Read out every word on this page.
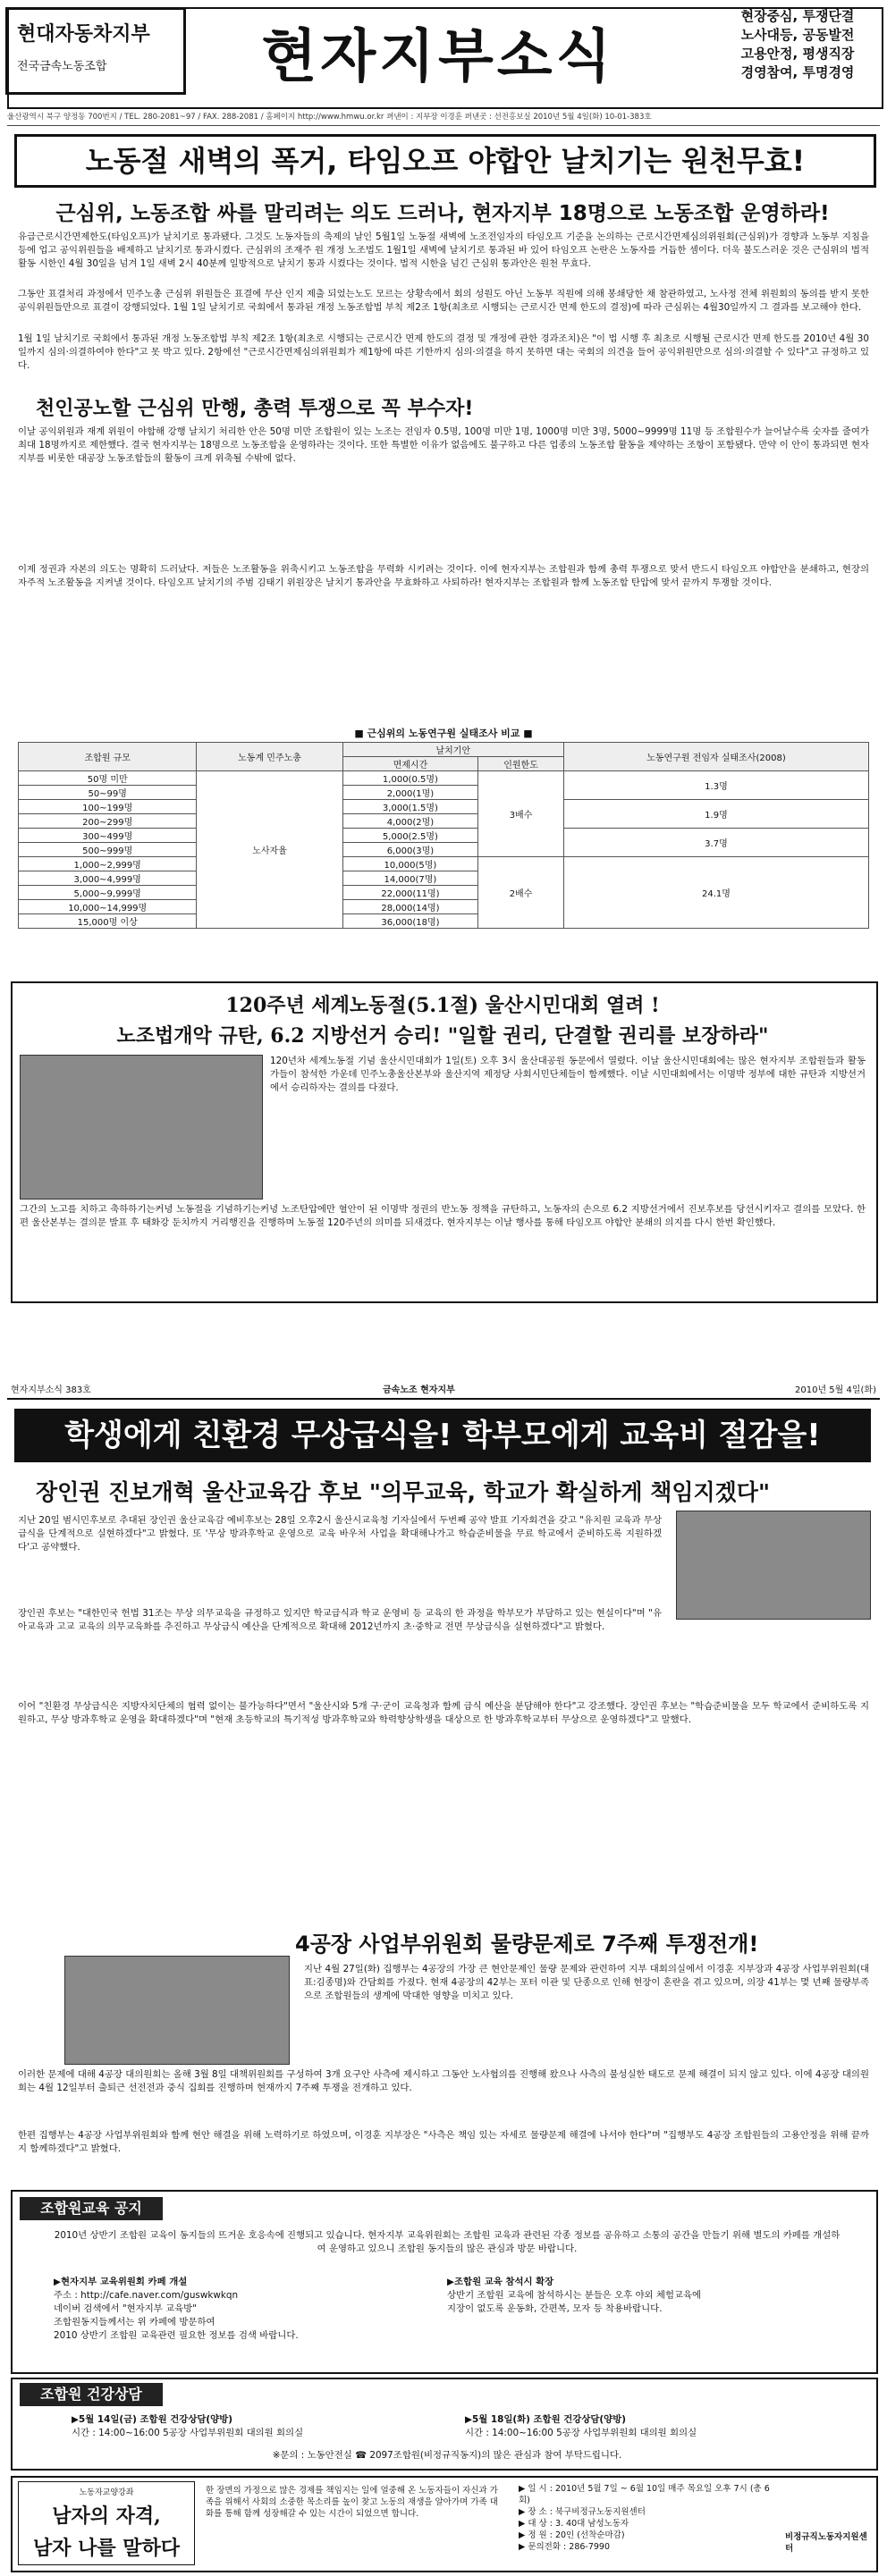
현대자동차지부
전국금속노동조합	현자지부소식
현장중심, 투쟁단결
노사대등, 공동발전
고용안정, 평생직장
경영참여, 투명경영
울산광역시 북구 양정동 700번지 / TEL. 280-2081~97 / FAX. 288-2081 / 홈페이지 http://www.hmwu.or.kr 펴낸이 : 지부장 이경훈 펴낸곳 : 선전홍보실 2010년 5월 4일(화) 10-01-383호
노동절 새벽의 폭거, 타임오프 야합안 날치기는 원천무효!
근심위, 노동조합 싸를 말리려는 의도 드러나, 현자지부 18명으로 노동조합 운영하라!
유급근로시간면제한도(타임오프)가 날치기로 통과됐다. 그것도 노동자들의 축제의 날인 5월1일 노동절 새벽에 노조전임자의 타임오프 기준을 논의하는 근로시간면제심의위원회(근심위)가 경향과 노동부 지침을 등에 업고 공익위원들을 배제하고 날치기로 통과시켰다. 근심위의 조재주 원 개정 노조법도 1월1일 새벽에 날치기로 통과된 바 있어 타임오프 논란은 노동자를 거듭한 셈이다. 더욱 불도스러운 것은 근심위의 법적 활동 시한인 4월 30일을 넘겨 1일 새벽 2시 40분께 일방적으로 날치기 통과 시켰다는 것이다. 법적 시한을 넘긴 근심위 통과안은 원천 무효다.
그동안 표결처리 과정에서 민주노총 근심위 위원들은 표결에 무산 인지 제출 되었는노도 모르는 상황속에서 회의 성원도 아닌 노동부 직원에 의해 봉쇄당한 채 참관하였고, 노사정 전체 위원회의 동의를 받지 못한 공익위원들만으로 표결이 강행되었다. 1월 1일 날치기로 국회에서 통과된 개정 노동조합법 부칙 제2조 1항(최초로 시행되는 근로시간 면제 한도의 결정)에 따라 근심위는 4월30일까지 그 결과를 보고해야 한다.
1월 1일 날치기로 국회에서 통과된 개정 노동조합법 부칙 제2조 1항(최초로 시행되는 근로시간 면제 한도의 결정 및 개정에 관한 경과조치)은 "이 법 시행 후 최초로 시행될 근로시간 면제 한도를 2010년 4월 30일까지 심의·의결하여야 한다"고 못 박고 있다. 2항에선 "근로시간면제심의위원회가 제1항에 따른 기한까지 심의·의결을 하지 못하면 대는 국회의 의견을 들어 공익위원만으로 심의·의결할 수 있다"고 규정하고 있다.
천인공노할 근심위 만행, 총력 투쟁으로 꼭 부수자!
이날 공익위원과 재계 위원이 야합해 강행 날치기 처리한 안은 50명 미만 조합원이 있는 노조는 전임자 0.5명, 100명 미만 1명, 1000명 미만 3명, 5000~9999명 11명 등 조합원수가 늘어날수록 숫자를 줄여가 최대 18명까지로 제한했다. 결국 현자지부는 18명으로 노동조합을 운영하라는 것이다. 또한 특별한 이유가 없음에도 불구하고 다른 업종의 노동조합 활동을 제약하는 조항이 포함됐다. 만약 이 안이 통과되면 현자지부를 비롯한 대공장 노동조합들의 활동이 크게 위축될 수밖에 없다.
이제 정권과 자본의 의도는 명확히 드러났다. 저들은 노조활동을 위축시키고 노동조합을 무력화 시키려는 것이다. 이에 현자지부는 조합원과 함께 총력 투쟁으로 맞서 반드시 타임오프 야합안을 분쇄하고, 현장의 자주적 노조활동을 지켜낼 것이다. 타임오프 날치기의 주범 김태기 위원장은 날치기 통과안을 무효화하고 사퇴하라! 현자지부는 조합원과 함께 노동조합 탄압에 맞서 끝까지 투쟁할 것이다.
■ 근심위의 노동연구원 실태조사 비교 ■
조합원 규모	노동계 민주노총	날치기안		노동연구원 전임자 실태조사(2008)
		면제시간	인원한도	
50명 미만	노사자율	1,000(0.5명)	3배수	1.3명
50~99명		2,000(1명)		
100~199명		3,000(1.5명)		1.9명
200~299명		4,000(2명)		
300~499명		5,000(2.5명)		3.7명
500~999명		6,000(3명)		
1,000~2,999명		10,000(5명)	2배수	24.1명
3,000~4,999명		14,000(7명)		
5,000~9,999명		22,000(11명)		
10,000~14,999명		28,000(14명)		
15,000명 이상		36,000(18명)		
120주년 세계노동절(5.1절) 울산시민대회 열려 !
노조법개악 규탄, 6.2 지방선거 승리! "일할 권리, 단결할 권리를 보장하라"
120년차 세계노동절 기념 울산시민대회가 1일(토) 오후 3시 울산대공원 동문에서 열렸다. 이날 울산시민대회에는 많은 현자지부 조합원들과 활동가들이 참석한 가운데 민주노총울산본부와 울산지역 제정당 사회시민단체들이 함께했다. 이날 시민대회에서는 이명박 정부에 대한 규탄과 지방선거에서 승리하자는 결의를 다졌다.
그간의 노고를 치하고 축하하기는커녕 노동절을 기념하기는커녕 노조탄압에만 혈안이 된 이명박 정권의 반노동 정책을 규탄하고, 노동자의 손으로 6.2 지방선거에서 진보후보를 당선시키자고 결의를 모았다. 한편 울산본부는 결의문 발표 후 태화강 둔치까지 거리행진을 진행하며 노동절 120주년의 의미를 되새겼다. 현자지부는 이날 행사를 통해 타임오프 야합안 분쇄의 의지를 다시 한번 확인했다.
현자지부소식 383호	금속노조 현자지부	2010년 5월 4일(화)
학생에게 친환경 무상급식을! 학부모에게 교육비 절감을!
장인권 진보개혁 울산교육감 후보 "의무교육, 학교가 확실하게 책임지겠다"
지난 20일 범시민후보로 추대된 장인권 울산교육감 예비후보는 28일 오후2시 울산시교육청 기자실에서 두번째 공약 발표 기자회견을 갖고 "유치원 교육과 무상급식을 단계적으로 실현하겠다"고 밝혔다. 또 '무상 방과후학교 운영으로 교육 바우처 사업을 확대해나가고 학습준비물을 무료 학교에서 준비하도록 지원하겠다'고 공약했다.
장인권 후보는 "대한민국 헌법 31조는 무상 의무교육을 규정하고 있지만 학교급식과 학교 운영비 등 교육의 한 과정을 학부모가 부담하고 있는 현실이다"며 "유아교육과 고교 교육의 의무교육화를 추진하고 무상급식 예산을 단계적으로 확대해 2012년까지 초·중학교 전면 무상급식을 실현하겠다"고 밝혔다.
이어 "친환경 무상급식은 지방자치단체의 협력 없이는 불가능하다"면서 "울산시와 5개 구·군이 교육청과 함께 급식 예산을 분담해야 한다"고 강조했다. 장인권 후보는 "학습준비물을 모두 학교에서 준비하도록 지원하고, 무상 방과후학교 운영을 확대하겠다"며 "현재 초등학교의 특기적성 방과후학교와 학력향상학생을 대상으로 한 방과후학교부터 무상으로 운영하겠다"고 말했다.
4공장 사업부위원회 물량문제로 7주째 투쟁전개!
지난 4월 27일(화) 집행부는 4공장의 가장 큰 현안문제인 물량 문제와 관련하여 지부 대회의실에서 이경훈 지부장과 4공장 사업부위원회(대표:김종명)와 간담회를 가졌다. 현재 4공장의 42부는 포터 이관 및 단종으로 인해 현장이 혼란을 겪고 있으며, 의장 41부는 몇 년째 물량부족으로 조합원들의 생계에 막대한 영향을 미치고 있다.
이러한 문제에 대해 4공장 대의원회는 올해 3월 8일 대책위원회를 구성하여 3개 요구안 사측에 제시하고 그동안 노사협의를 진행해 왔으나 사측의 불성실한 태도로 문제 해결이 되지 않고 있다. 이에 4공장 대의원회는 4월 12일부터 출퇴근 선전전과 중식 집회를 진행하며 현재까지 7주째 투쟁을 전개하고 있다.
한편 집행부는 4공장 사업부위원회와 함께 현안 해결을 위해 노력하기로 하였으며, 이경훈 지부장은 "사측은 책임 있는 자세로 물량문제 해결에 나서야 한다"며 "집행부도 4공장 조합원들의 고용안정을 위해 끝까지 함께하겠다"고 밝혔다.
조합원교육 공지
2010년 상반기 조합원 교육이 동지들의 뜨거운 호응속에 진행되고 있습니다. 현자지부 교육위원회는 조합원 교육과 관련된 각종 정보를 공유하고 소통의 공간을 만들기 위해 별도의 카페를 개설하여 운영하고 있으니 조합원 동지들의 많은 관심과 방문 바랍니다.
▶현자지부 교육위원회 카페 개설
주소 : http://cafe.naver.com/guswkwkqn
네이버 검색에서 "현자지부 교육방"
조합원동지들께서는 위 카페에 방문하여
2010 상반기 조합원 교육관련 필요한 정보를 검색 바랍니다.
▶조합원 교육 참석시 확장
상반기 조합원 교육에 참석하시는 분들은 오후 야외 체험교육에
지장이 없도록 운동화, 간편복, 모자 등 착용바랍니다.
조합원 건강상담
▶5월 14일(금) 조합원 건강상담(양방)
시간 : 14:00~16:00 5공장 사업부위원회 대의원 회의실
▶5월 18일(화) 조합원 건강상담(양방)
시간 : 14:00~16:00 5공장 사업부위원회 대의원 회의실
※문의 : 노동안전실 ☎ 2097조합원(비정규직동지)의 많은 관심과 참여 부탁드립니다.
노동자교양강좌
남자의 자격,
남자 나를 말하다
한 장면의 가정으로 많은 경제를 책임지는 일에 얼중해 온 노동자들이 자신과 가족을 위해서 사회의 소중한 목소리를 높이 찾고 노동의 재생을 알아가며 가족 대화를 통해 함께 성장해갈 수 있는 시간이 되었으면 합니다.
▶ 일 시 : 2010년 5월 7일 ~ 6월 10일 매주 목요일 오후 7시 (총 6회)
▶ 장 소 : 북구비정규노동지원센터
▶ 대 상 : 3. 40대 남성노동자
▶ 정 원 : 20인 (선착순마감)
▶ 문의전화 : 286-7990
비정규직노동자지원센터
